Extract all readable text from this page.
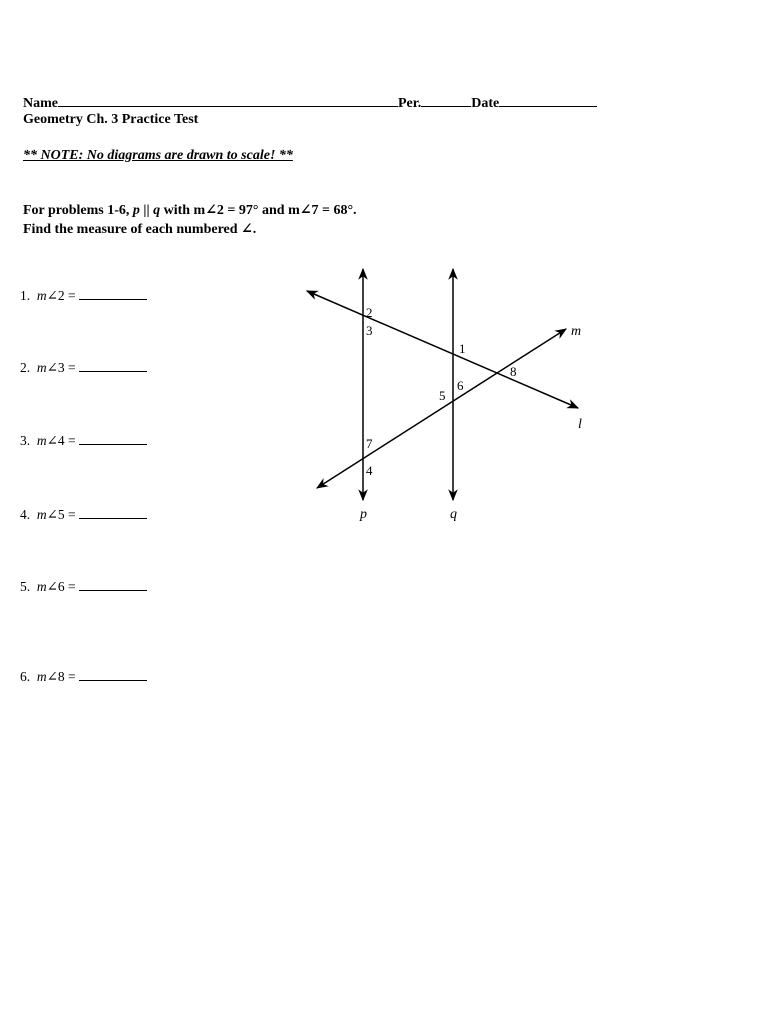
Name	Per.	Date
Geometry Ch. 3 Practice Test
** NOTE: No diagrams are drawn to scale! **
For problems 1-6, p || q with m∠2 = 97° and m∠7 = 68°.
Find the measure of each numbered ∠.
1. m∠2 =
2. m∠3 =
3. m∠4 =
4. m∠5 =
5. m∠6 =
6. m∠8 =
p	q
m
l
2
3
1
8
6
5
7
4
